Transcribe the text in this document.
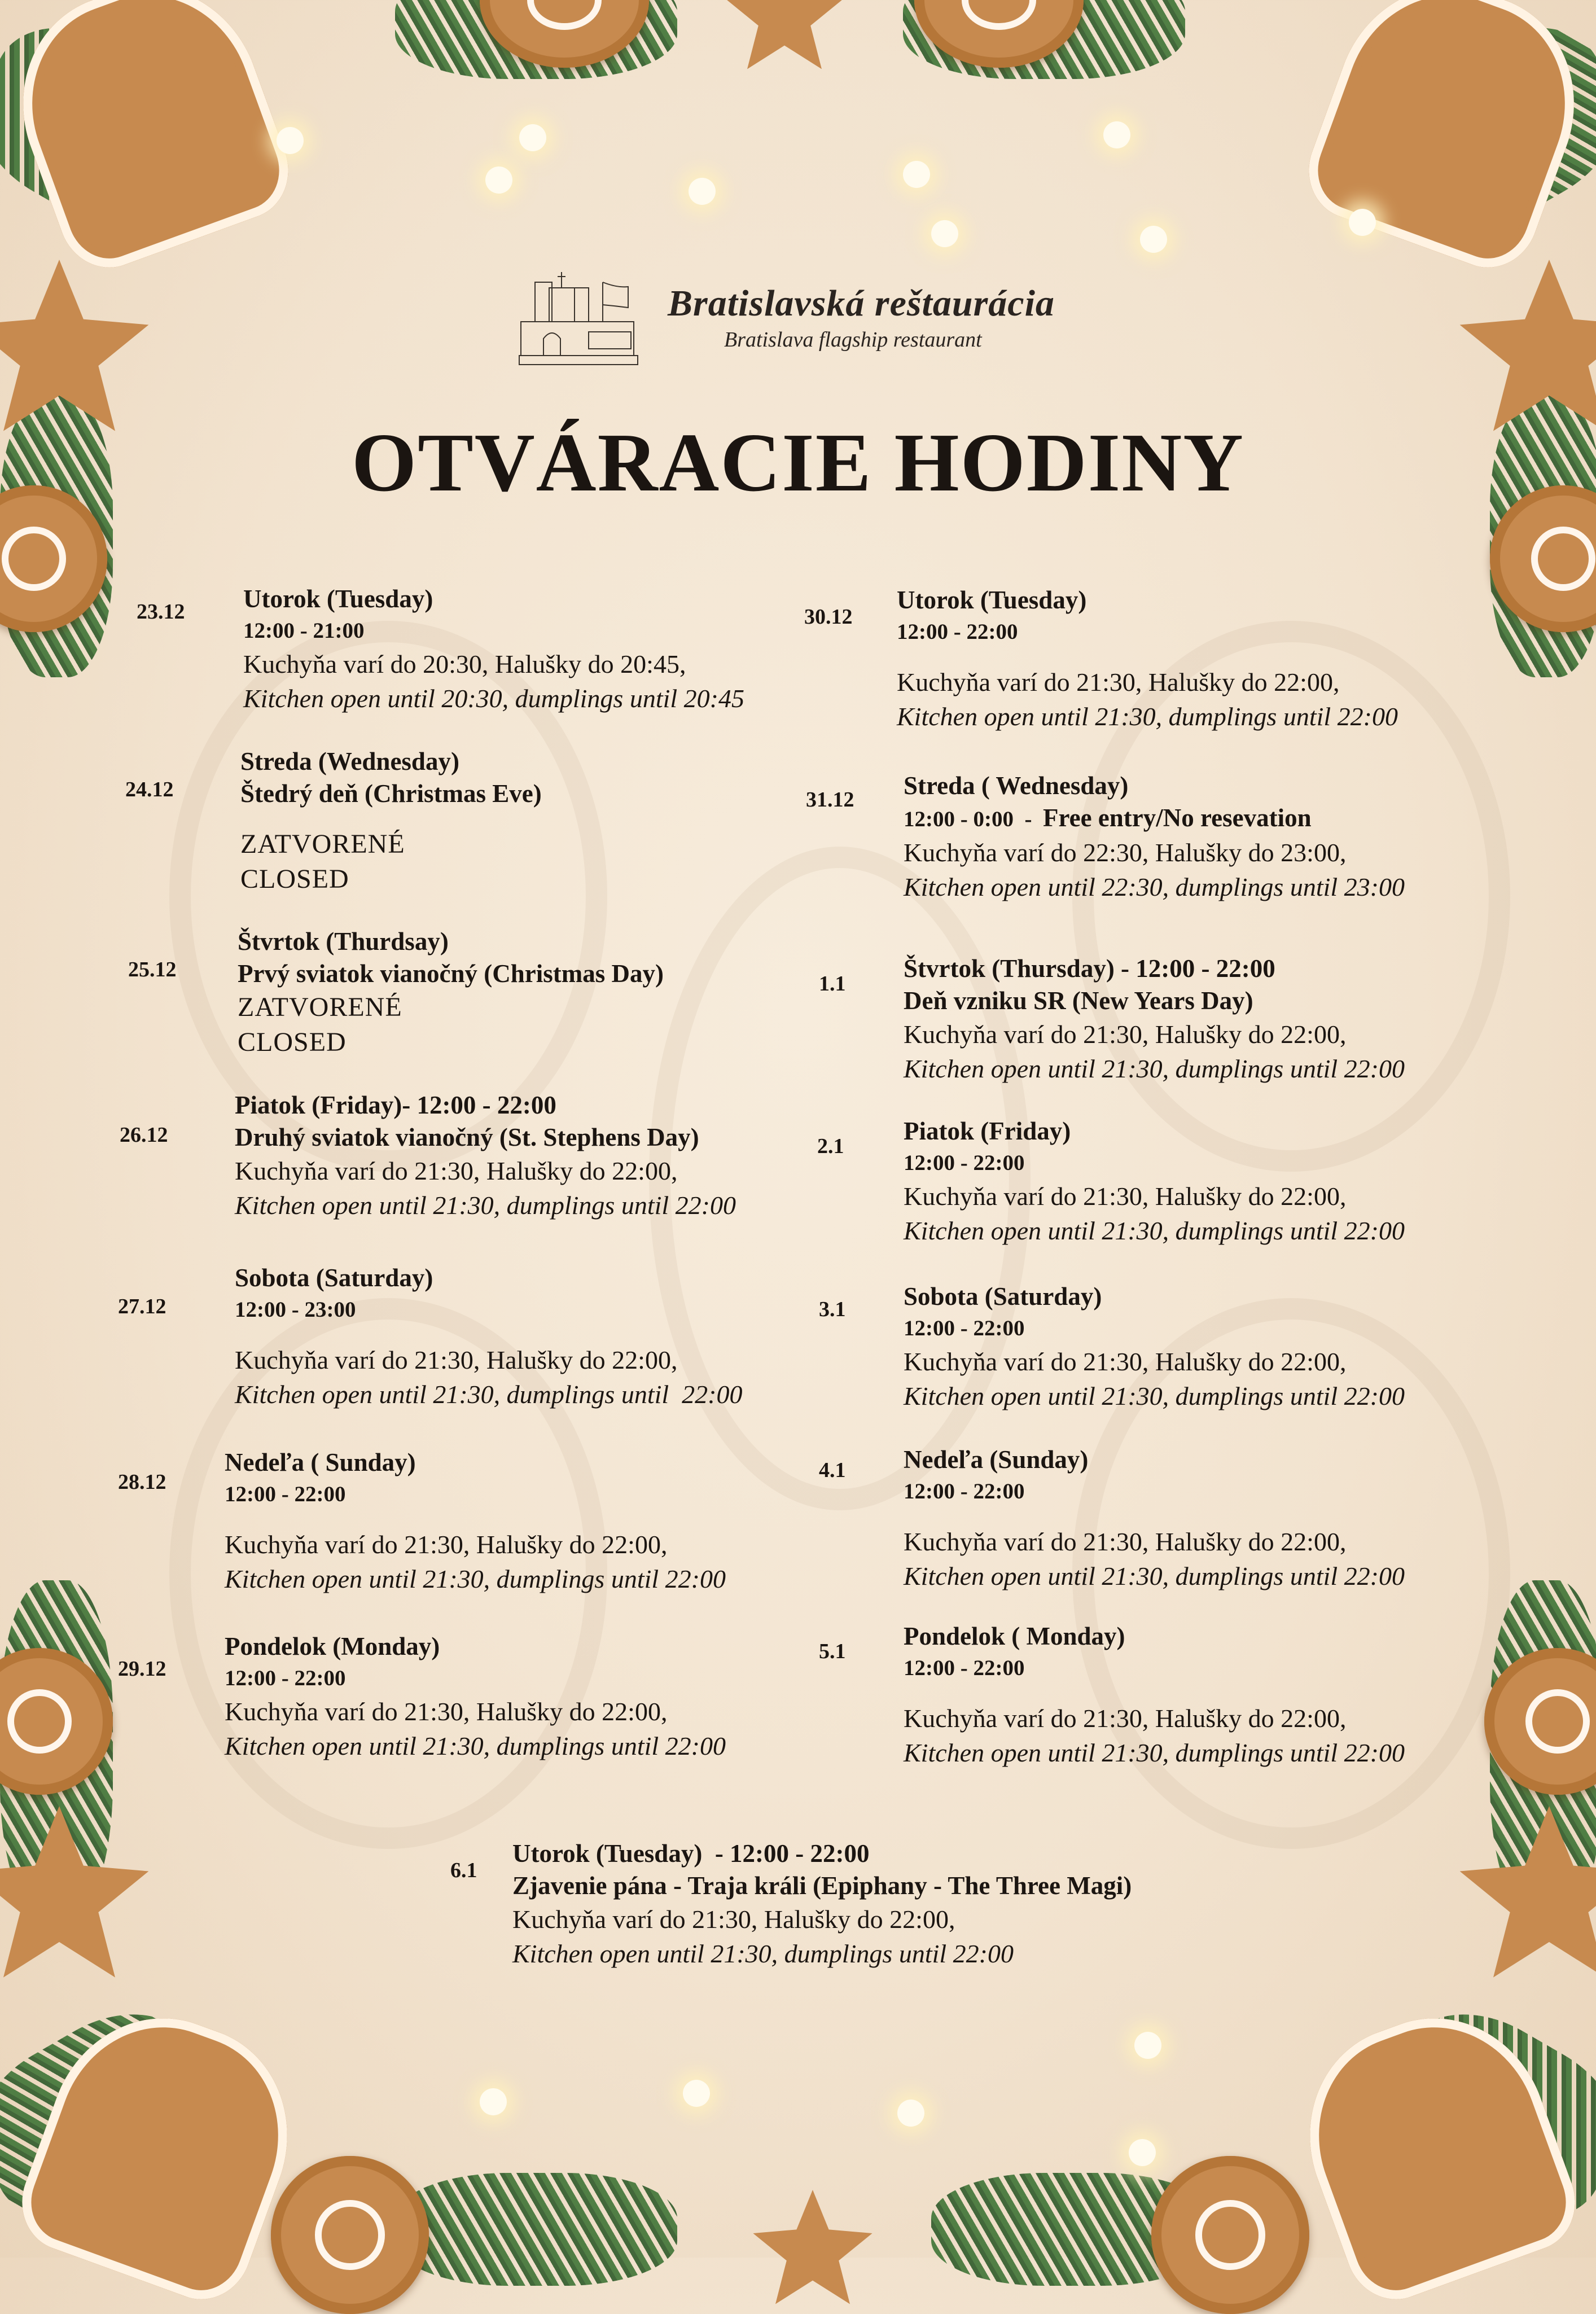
Bratislavská reštaurácia
Bratislava flagship restaurant
OTVÁRACIE HODINY
23.12 Utorok (Tuesday)
12:00 - 21:00
Kuchyňa varí do 20:30, Halušky do 20:45,
Kitchen open until 20:30, dumplings until 20:45
24.12
Streda (Wednesday)
Štedrý deň (Christmas Eve)
ZATVORENÉ
CLOSED
25.12
Štvrtok (Thurdsay)
Prvý sviatok vianočný (Christmas Day)
ZATVORENÉ
CLOSED
26.12
Piatok (Friday)- 12:00 - 22:00
Druhý sviatok vianočný (St. Stephens Day)
Kuchyňa varí do 21:30, Halušky do 22:00,
Kitchen open until 21:30, dumplings until 22:00
27.12
Sobota (Saturday)
12:00 - 23:00
Kuchyňa varí do 21:30, Halušky do 22:00,
Kitchen open until 21:30, dumplings until  22:00
28.12
Nedeľa ( Sunday)
12:00 - 22:00
Kuchyňa varí do 21:30, Halušky do 22:00,
Kitchen open until 21:30, dumplings until 22:00
29.12
Pondelok (Monday)
12:00 - 22:00
Kuchyňa varí do 21:30, Halušky do 22:00,
Kitchen open until 21:30, dumplings until 22:00
30.12
Utorok (Tuesday)
12:00 - 22:00
Kuchyňa varí do 21:30, Halušky do 22:00,
Kitchen open until 21:30, dumplings until 22:00
31.12 Streda ( Wednesday)
12:00 - 0:00  -  Free entry/No resevation
Kuchyňa varí do 22:30, Halušky do 23:00,
Kitchen open until 22:30, dumplings until 23:00
1.1
Štvrtok (Thursday) - 12:00 - 22:00
Deň vzniku SR (New Years Day)
Kuchyňa varí do 21:30, Halušky do 22:00,
Kitchen open until 21:30, dumplings until 22:00
2.1
Piatok (Friday)
12:00 - 22:00
Kuchyňa varí do 21:30, Halušky do 22:00,
Kitchen open until 21:30, dumplings until 22:00
3.1 Sobota (Saturday)
12:00 - 22:00
Kuchyňa varí do 21:30, Halušky do 22:00,
Kitchen open until 21:30, dumplings until 22:00
4.1 Nedeľa (Sunday)
12:00 - 22:00
Kuchyňa varí do 21:30, Halušky do 22:00,
Kitchen open until 21:30, dumplings until 22:00
5.1
Pondelok ( Monday)
12:00 - 22:00
Kuchyňa varí do 21:30, Halušky do 22:00,
Kitchen open until 21:30, dumplings until 22:00
6.1
Utorok (Tuesday)  - 12:00 - 22:00
Zjavenie pána - Traja králi (Epiphany - The Three Magi)
Kuchyňa varí do 21:30, Halušky do 22:00,
Kitchen open until 21:30, dumplings until 22:00
